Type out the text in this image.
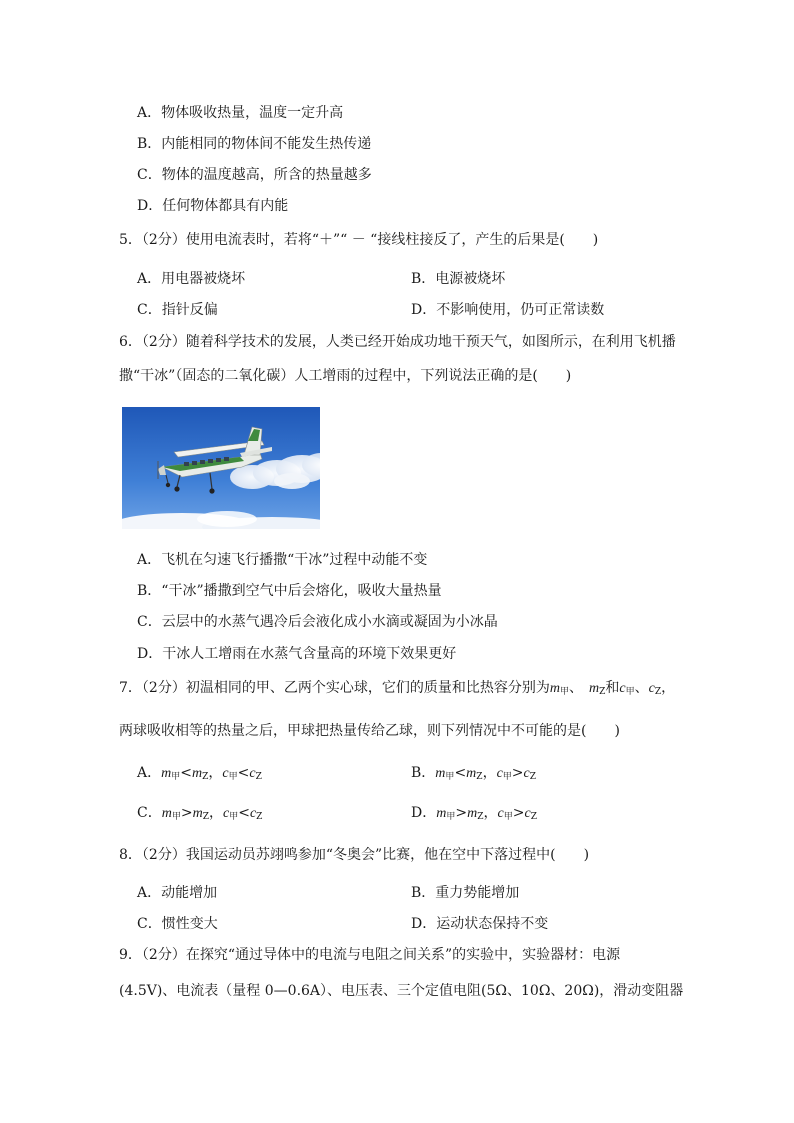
A．物体吸收热量，温度一定升高
B．内能相同的物体间不能发生热传递
C．物体的温度越高，所含的热量越多
D．任何物体都具有内能
5．（2分）使用电流表时，若将“＋”“ － “接线柱接反了，产生的后果是(　　)
A．用电器被烧坏	B．电源被烧坏
C．指针反偏	D．不影响使用，仍可正常读数
6．（2分）随着科学技术的发展，人类已经开始成功地干预天气，如图所示，在利用飞机播
撒“干冰”（固态的二氧化碳）人工增雨的过程中，下列说法正确的是(　　)
A．飞机在匀速飞行播撒“干冰”过程中动能不变
B．“干冰”播撒到空气中后会熔化，吸收大量热量
C．云层中的水蒸气遇冷后会液化成小水滴或凝固为小冰晶
D．干冰人工增雨在水蒸气含量高的环境下效果更好
7．（2分）初温相同的甲、乙两个实心球，它们的质量和比热容分别为$m_甲$、 $m_Z$和$c_甲$、$c_Z$，
两球吸收相等的热量之后，甲球把热量传给乙球，则下列情况中不可能的是(　　)
A．$m_甲<m_Z$，$c_甲<c_Z$	B．$m_甲<m_Z$，$c_甲>c_Z$
C．$m_甲>m_Z$，$c_甲<c_Z$	D．$m_甲>m_Z$，$c_甲>c_Z$
8．（2分）我国运动员苏翊鸣参加“冬奥会”比赛，他在空中下落过程中(　　)
A．动能增加	B．重力势能增加
C．惯性变大	D．运动状态保持不变
9．（2分）在探究“通过导体中的电流与电阻之间关系”的实验中，实验器材：电源
(4.5V)、电流表（量程 0—0.6A）、电压表、三个定值电阻(5Ω、10Ω、20Ω)，滑动变阻器
